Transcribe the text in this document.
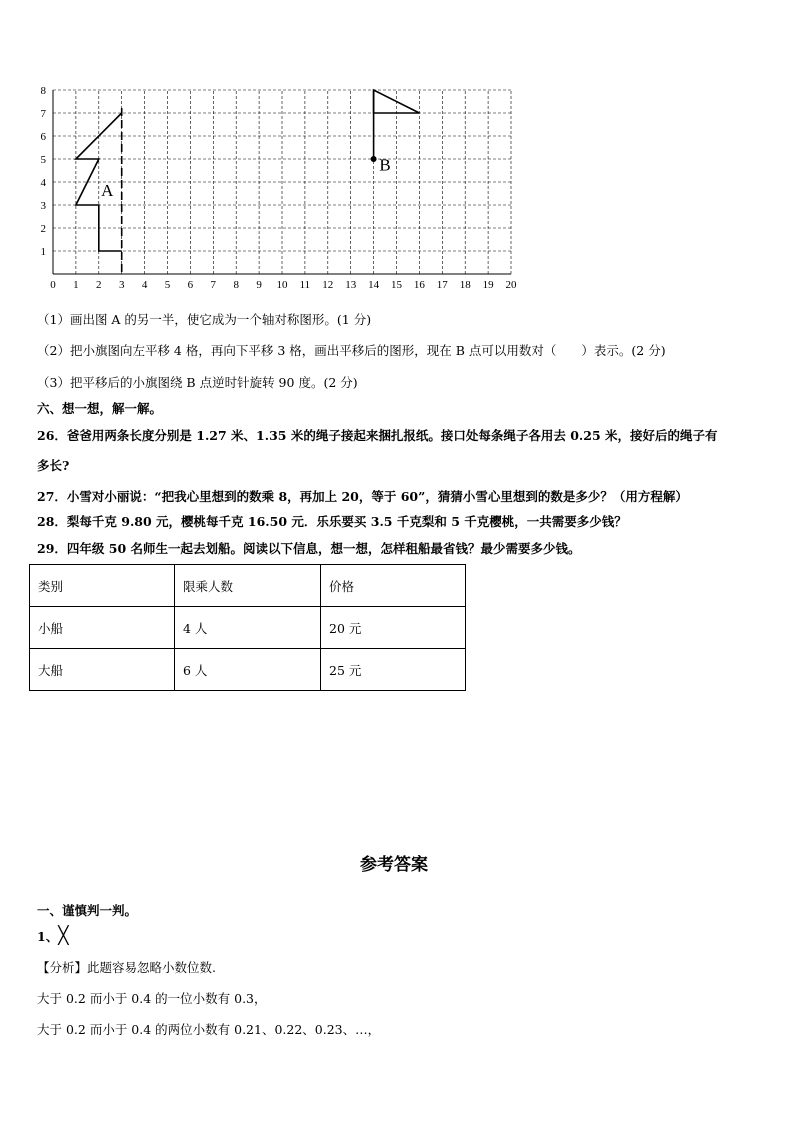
0 1 2 3 4 5 6 7 8 9 10 11 12 13 14 15 16 17 18 19 20
1
2
3
4
5
6
7
8
A
B
（1）画出图 A 的另一半，使它成为一个轴对称图形。(1 分)
（2）把小旗图向左平移 4 格，再向下平移 3 格，画出平移后的图形，现在 B 点可以用数对（　　）表示。(2 分)
（3）把平移后的小旗图绕 B 点逆时针旋转 90 度。(2 分)
六、想一想，解一解。
26．爸爸用两条长度分别是 1.27 米、1.35 米的绳子接起来捆扎报纸。接口处每条绳子各用去 0.25 米，接好后的绳子有
多长?
27．小雪对小丽说：“把我心里想到的数乘 8，再加上 20，等于 60”，猜猜小雪心里想到的数是多少？（用方程解）
28．梨每千克 9.80 元，樱桃每千克 16.50 元．乐乐要买 3.5 千克梨和 5 千克樱桃，一共需要多少钱？
29．四年级 50 名师生一起去划船。阅读以下信息，想一想，怎样租船最省钱？最少需要多少钱。
类别	限乘人数	价格
小船	4 人	20 元
大船	6 人	25 元
参考答案
一、谨慎判一判。
1、╳
【分析】此题容易忽略小数位数.
大于 0.2 而小于 0.4 的一位小数有 0.3，
大于 0.2 而小于 0.4 的两位小数有 0.21、0.22、0.23、…，
